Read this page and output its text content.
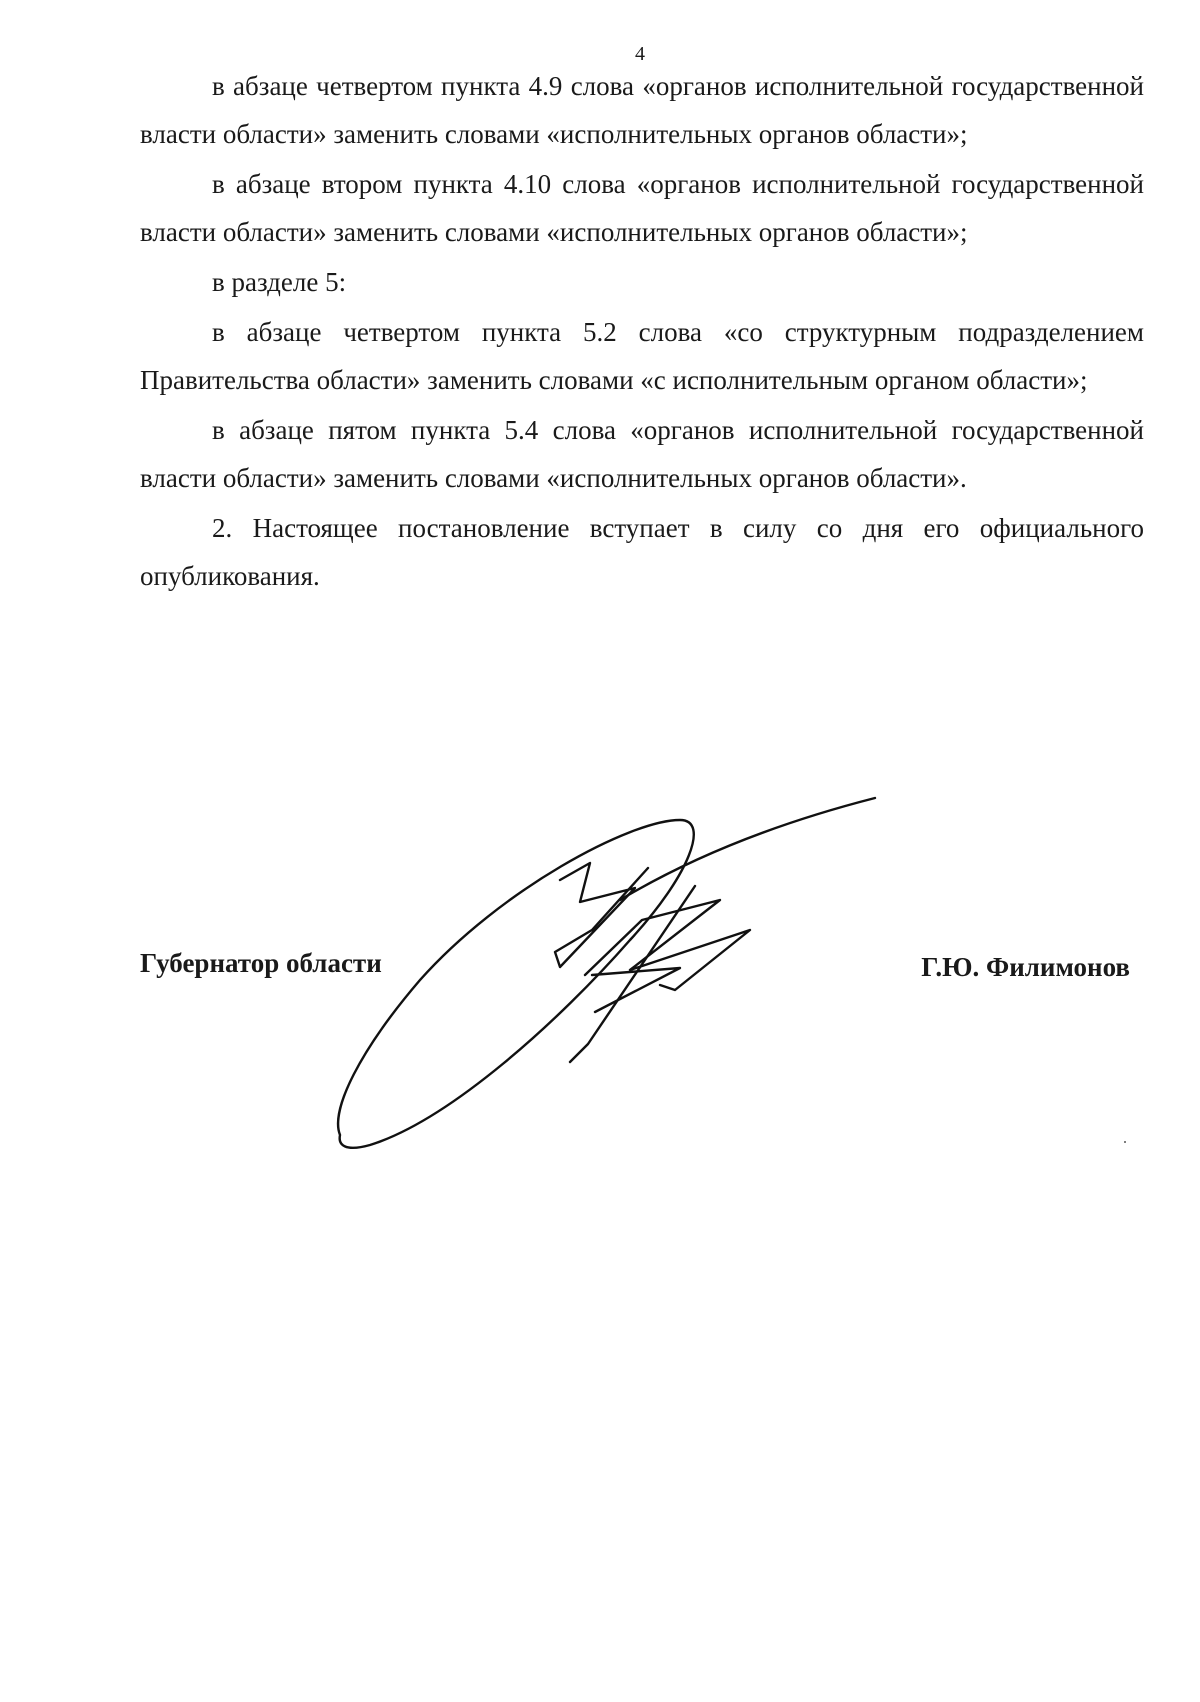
4

в абзаце четвертом пункта 4.9 слова «органов исполнительной государственной власти области» заменить словами «исполнительных органов области»;

в абзаце втором пункта 4.10 слова «органов исполнительной государственной власти области» заменить словами «исполнительных органов области»;

в разделе 5:

в абзаце четвертом пункта 5.2 слова «со структурным подразделением Правительства области» заменить словами «с исполнительным органом области»;

в абзаце пятом пункта 5.4 слова «органов исполнительной государственной власти области» заменить словами «исполнительных органов области».

2. Настоящее постановление вступает в силу со дня его официального опубликования.

Губернатор области	Г.Ю. Филимонов
